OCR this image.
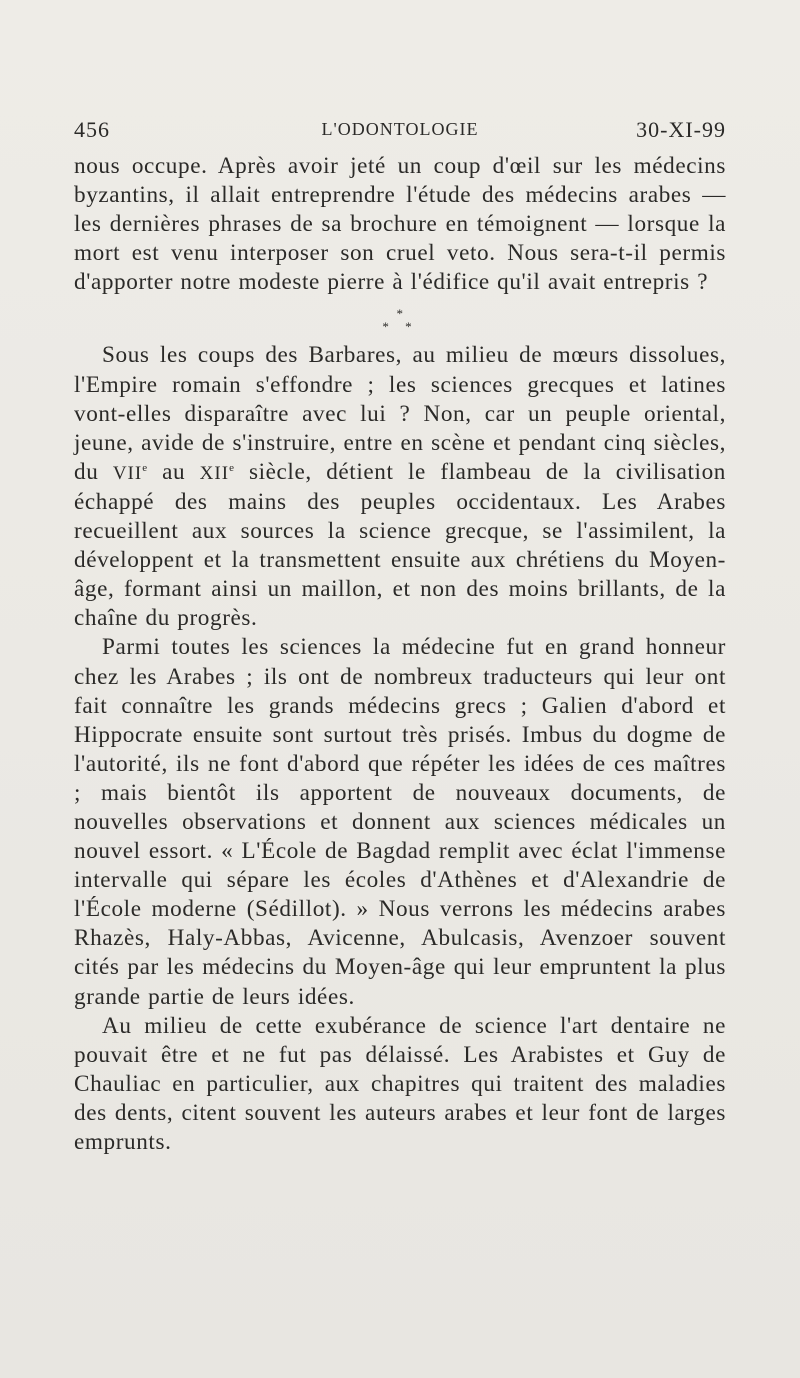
456	L'ODONTOLOGIE	30-XI-99

nous occupe. Après avoir jeté un coup d'œil sur les médecins byzantins, il allait entreprendre l'étude des médecins arabes — les dernières phrases de sa brochure en témoignent — lorsque la mort est venu interposer son cruel veto. Nous sera-t-il permis d'apporter notre modeste pierre à l'édifice qu'il avait entrepris ?

*
* *

Sous les coups des Barbares, au milieu de mœurs dissolues, l'Empire romain s'effondre ; les sciences grecques et latines vont-elles disparaître avec lui ? Non, car un peuple oriental, jeune, avide de s'instruire, entre en scène et pendant cinq siècles, du VIIe au XIIe siècle, détient le flambeau de la civilisation échappé des mains des peuples occidentaux. Les Arabes recueillent aux sources la science grecque, se l'assimilent, la développent et la transmettent ensuite aux chrétiens du Moyen-âge, formant ainsi un maillon, et non des moins brillants, de la chaîne du progrès.

Parmi toutes les sciences la médecine fut en grand honneur chez les Arabes ; ils ont de nombreux traducteurs qui leur ont fait connaître les grands médecins grecs ; Galien d'abord et Hippocrate ensuite sont surtout très prisés. Imbus du dogme de l'autorité, ils ne font d'abord que répéter les idées de ces maîtres ; mais bientôt ils apportent de nouveaux documents, de nouvelles observations et donnent aux sciences médicales un nouvel essort. « L'École de Bagdad remplit avec éclat l'immense intervalle qui sépare les écoles d'Athènes et d'Alexandrie de l'École moderne (Sédillot). » Nous verrons les médecins arabes Rhazès, Haly-Abbas, Avicenne, Abulcasis, Avenzoer souvent cités par les médecins du Moyen-âge qui leur empruntent la plus grande partie de leurs idées.

Au milieu de cette exubérance de science l'art dentaire ne pouvait être et ne fut pas délaissé. Les Arabistes et Guy de Chauliac en particulier, aux chapitres qui traitent des maladies des dents, citent souvent les auteurs arabes et leur font de larges emprunts.
